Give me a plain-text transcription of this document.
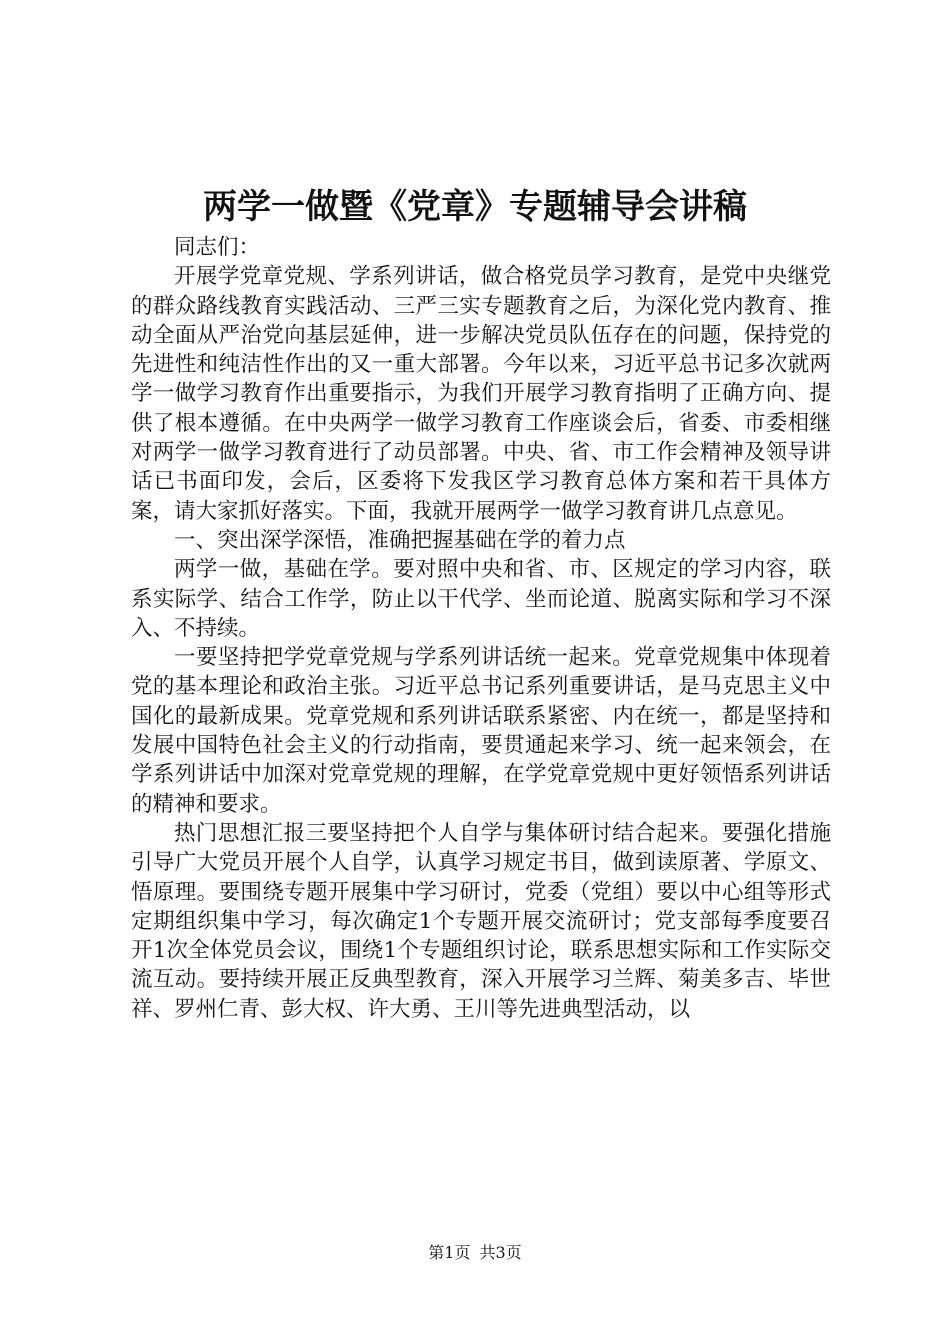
两学一做暨《党章》专题辅导会讲稿

同志们：

开展学党章党规、学系列讲话，做合格党员学习教育，是党中央继党的群众路线教育实践活动、三严三实专题教育之后，为深化党内教育、推动全面从严治党向基层延伸，进一步解决党员队伍存在的问题，保持党的先进性和纯洁性作出的又一重大部署。今年以来，习近平总书记多次就两学一做学习教育作出重要指示，为我们开展学习教育指明了正确方向、提供了根本遵循。在中央两学一做学习教育工作座谈会后，省委、市委相继对两学一做学习教育进行了动员部署。中央、省、市工作会精神及领导讲话已书面印发，会后，区委将下发我区学习教育总体方案和若干具体方案，请大家抓好落实。下面，我就开展两学一做学习教育讲几点意见。

一、突出深学深悟，准确把握基础在学的着力点

两学一做，基础在学。要对照中央和省、市、区规定的学习内容，联系实际学、结合工作学，防止以干代学、坐而论道、脱离实际和学习不深入、不持续。

一要坚持把学党章党规与学系列讲话统一起来。党章党规集中体现着党的基本理论和政治主张。习近平总书记系列重要讲话，是马克思主义中国化的最新成果。党章党规和系列讲话联系紧密、内在统一，都是坚持和发展中国特色社会主义的行动指南，要贯通起来学习、统一起来领会，在学系列讲话中加深对党章党规的理解，在学党章党规中更好领悟系列讲话的精神和要求。

热门思想汇报三要坚持把个人自学与集体研讨结合起来。要强化措施引导广大党员开展个人自学，认真学习规定书目，做到读原著、学原文、悟原理。要围绕专题开展集中学习研讨，党委（党组）要以中心组等形式定期组织集中学习，每次确定1个专题开展交流研讨；党支部每季度要召开1次全体党员会议，围绕1个专题组织讨论，联系思想实际和工作实际交流互动。要持续开展正反典型教育，深入开展学习兰辉、菊美多吉、毕世祥、罗州仁青、彭大权、许大勇、王川等先进典型活动，以

第1页 共3页
